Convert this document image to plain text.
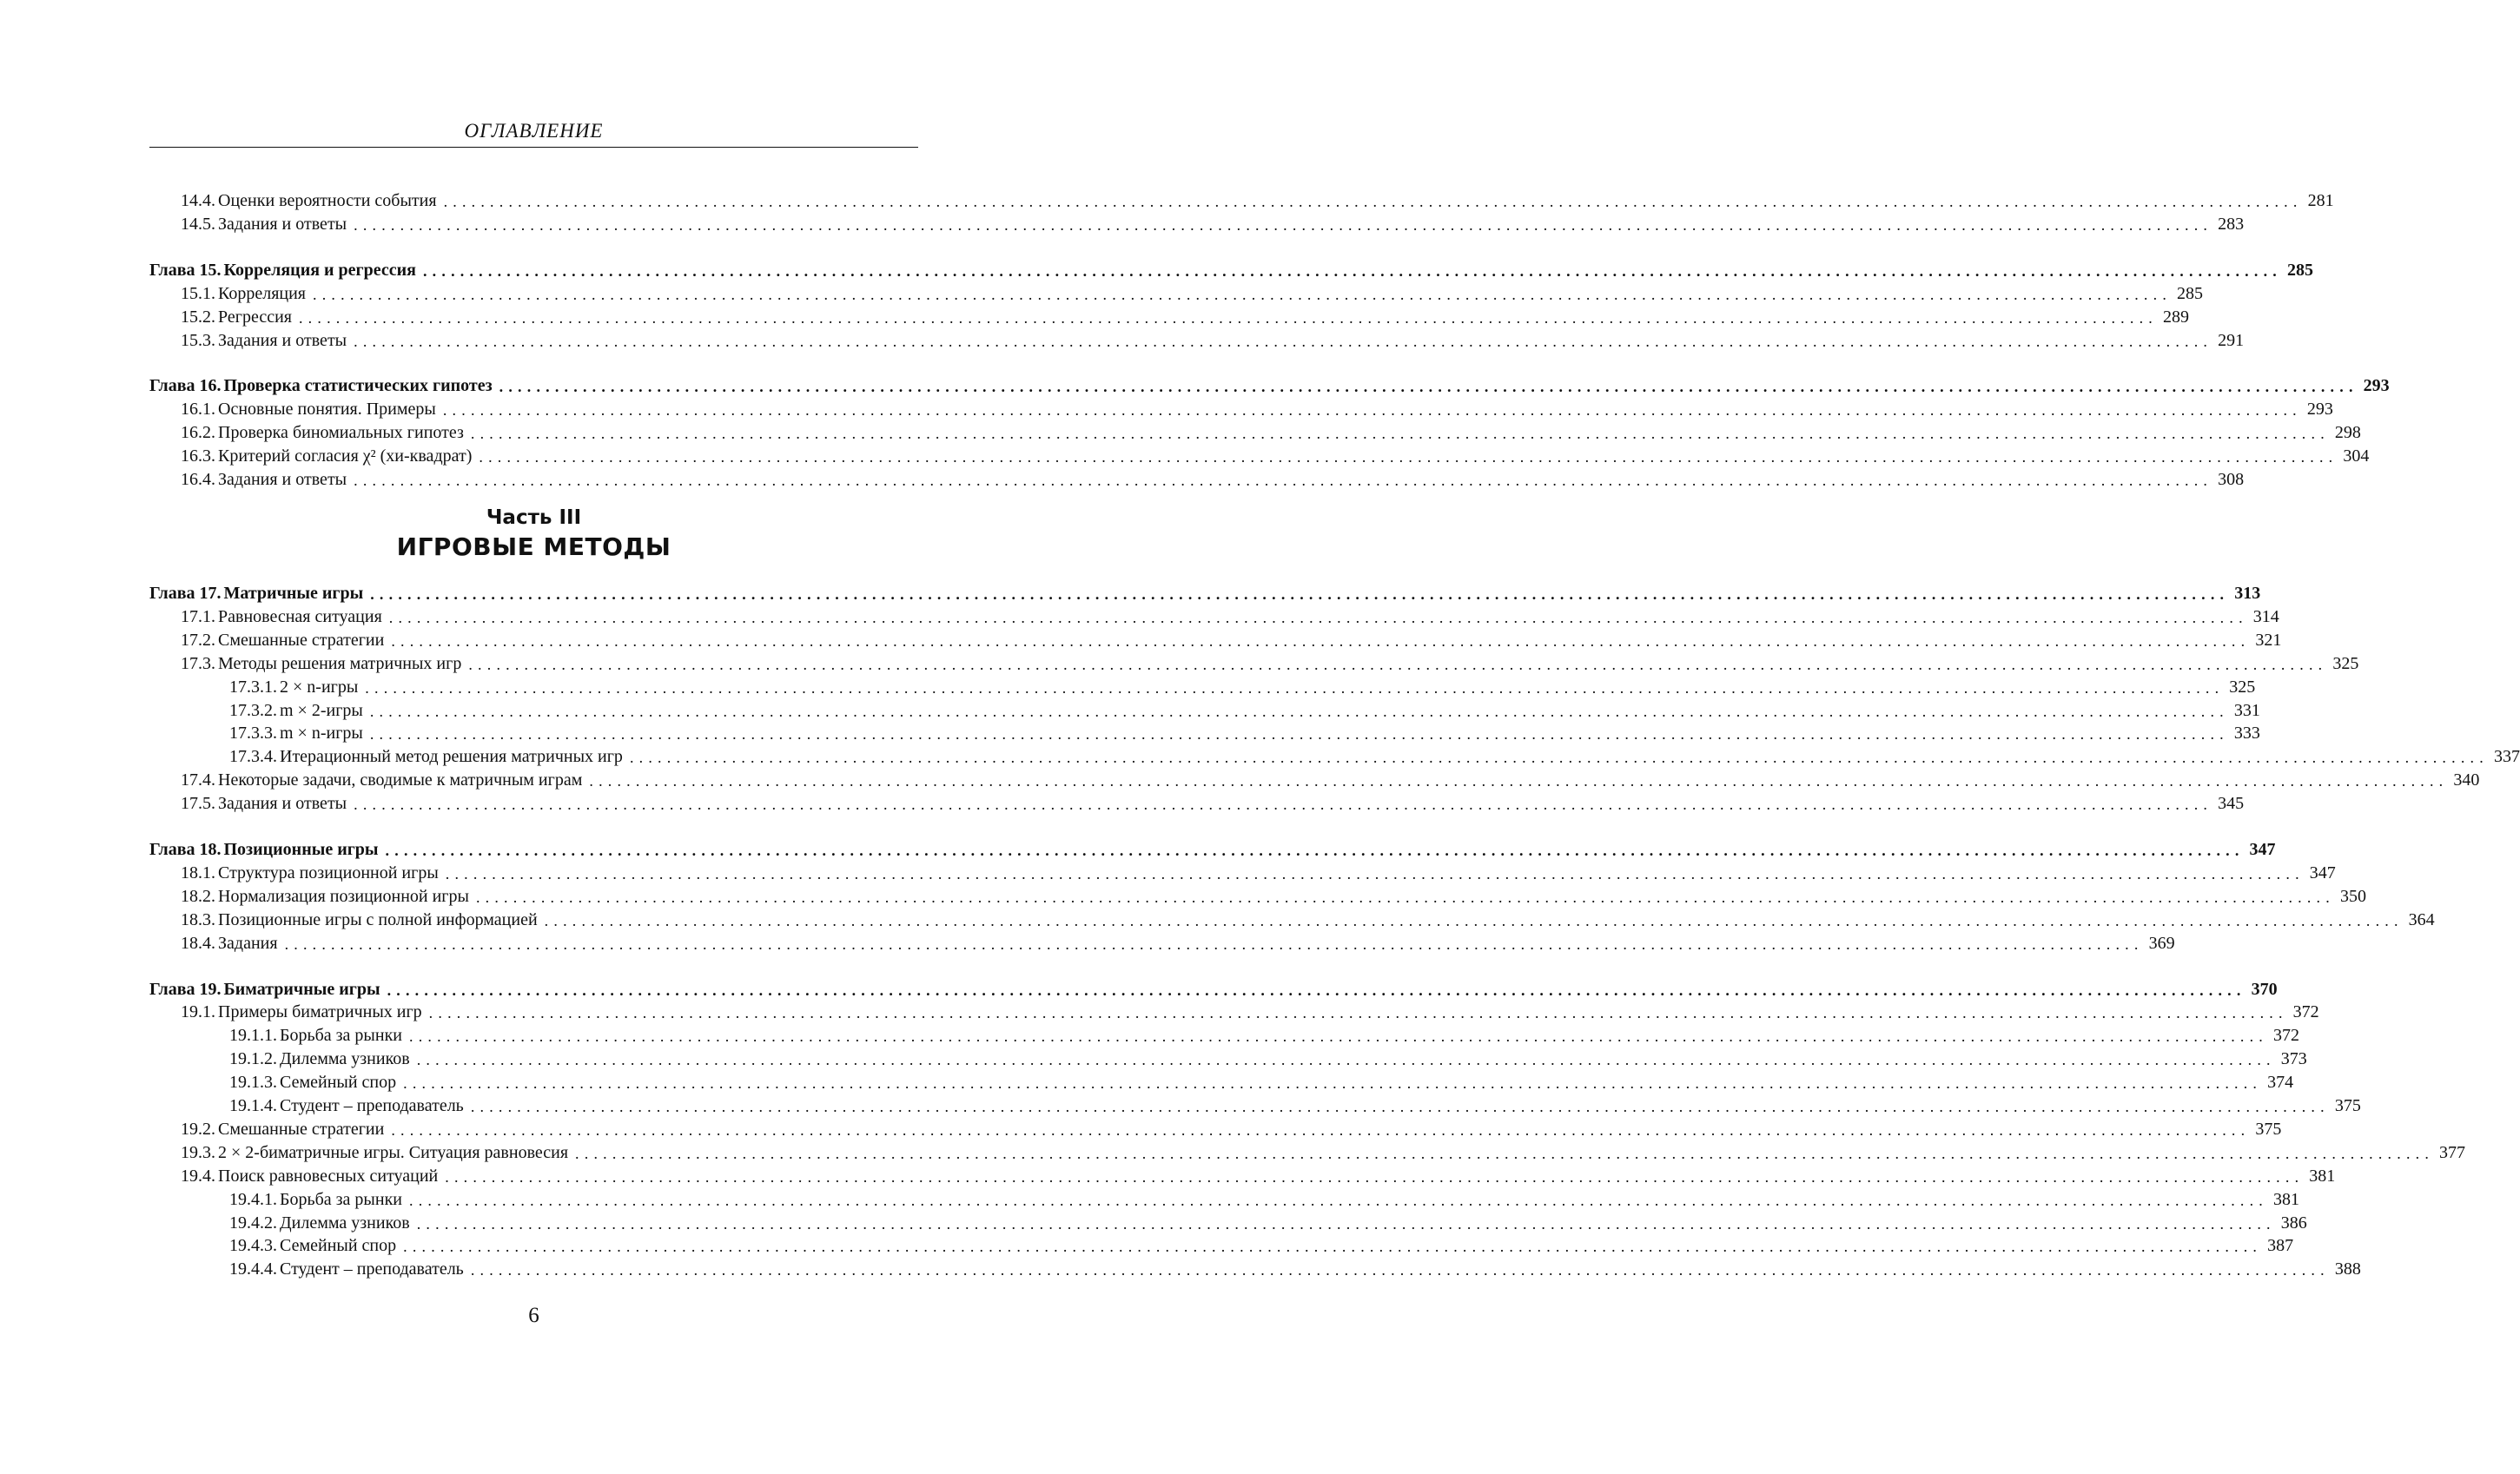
ОГЛАВЛЕНИЕ
14.4. Оценки вероятности события ........................................................................................................................................................................................................ 281
14.5. Задания и ответы ........................................................................................................................................................................................................ 283
Глава 15. Корреляция и регрессия ........................................................................................................................................................................................................ 285
15.1. Корреляция ........................................................................................................................................................................................................ 285
15.2. Регрессия ........................................................................................................................................................................................................ 289
15.3. Задания и ответы ........................................................................................................................................................................................................ 291
Глава 16. Проверка статистических гипотез ........................................................................................................................................................................................................ 293
16.1. Основные понятия. Примеры ........................................................................................................................................................................................................ 293
16.2. Проверка биномиальных гипотез ........................................................................................................................................................................................................ 298
16.3. Критерий согласия χ² (хи-квадрат) ........................................................................................................................................................................................................ 304
16.4. Задания и ответы ........................................................................................................................................................................................................ 308
Глава 17. Матричные игры ........................................................................................................................................................................................................ 313
17.1. Равновесная ситуация ........................................................................................................................................................................................................ 314
17.2. Смешанные стратегии ........................................................................................................................................................................................................ 321
17.3. Методы решения матричных игр ........................................................................................................................................................................................................ 325
17.3.1. 2 × n-игры ........................................................................................................................................................................................................ 325
17.3.2. m × 2-игры ........................................................................................................................................................................................................ 331
17.3.3. m × n-игры ........................................................................................................................................................................................................ 333
17.3.4. Итерационный метод решения матричных игр ........................................................................................................................................................................................................ 337
17.4. Некоторые задачи, сводимые к матричным играм ........................................................................................................................................................................................................ 340
17.5. Задания и ответы ........................................................................................................................................................................................................ 345
Глава 18. Позиционные игры ........................................................................................................................................................................................................ 347
18.1. Структура позиционной игры ........................................................................................................................................................................................................ 347
18.2. Нормализация позиционной игры ........................................................................................................................................................................................................ 350
18.3. Позиционные игры с полной информацией ........................................................................................................................................................................................................ 364
18.4. Задания ........................................................................................................................................................................................................ 369
Глава 19. Биматричные игры ........................................................................................................................................................................................................ 370
19.1. Примеры биматричных игр ........................................................................................................................................................................................................ 372
19.1.1. Борьба за рынки ........................................................................................................................................................................................................ 372
19.1.2. Дилемма узников ........................................................................................................................................................................................................ 373
19.1.3. Семейный спор ........................................................................................................................................................................................................ 374
19.1.4. Студент – преподаватель ........................................................................................................................................................................................................ 375
19.2. Смешанные стратегии ........................................................................................................................................................................................................ 375
19.3. 2 × 2-биматричные игры. Ситуация равновесия ........................................................................................................................................................................................................ 377
19.4. Поиск равновесных ситуаций ........................................................................................................................................................................................................ 381
19.4.1. Борьба за рынки ........................................................................................................................................................................................................ 381
19.4.2. Дилемма узников ........................................................................................................................................................................................................ 386
19.4.3. Семейный спор ........................................................................................................................................................................................................ 387
19.4.4. Студент – преподаватель ........................................................................................................................................................................................................ 388
Часть III
ИГРОВЫЕ МЕТОДЫ
6
